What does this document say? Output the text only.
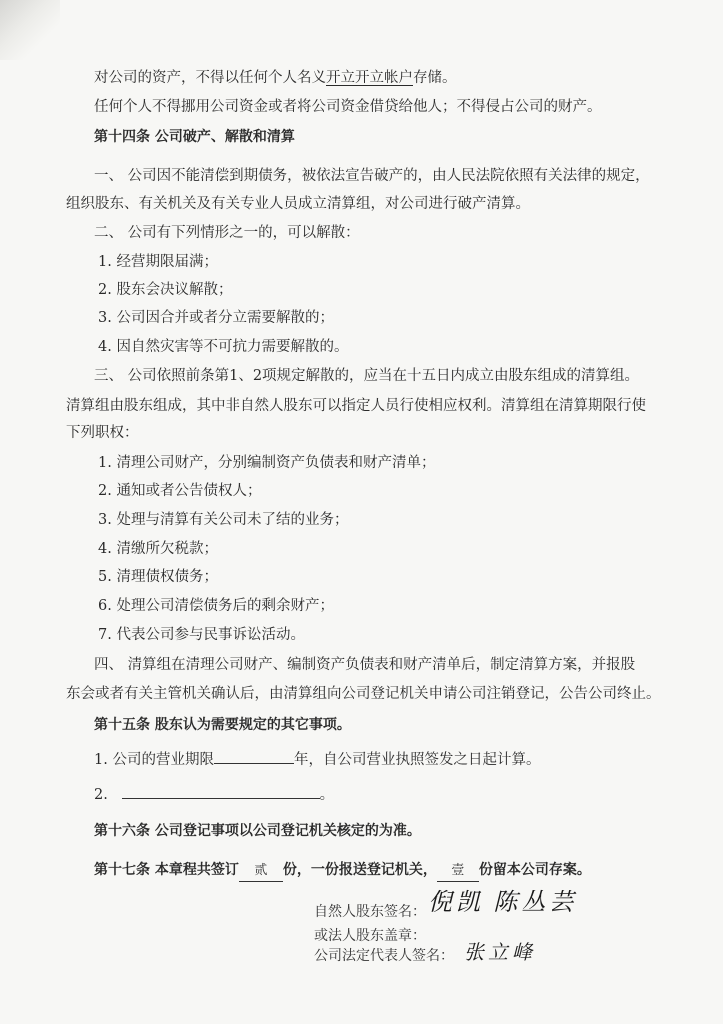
对公司的资产，不得以任何个人名义开立开立帐户存储。
任何个人不得挪用公司资金或者将公司资金借贷给他人；不得侵占公司的财产。
第十四条 公司破产、解散和清算
一、 公司因不能清偿到期债务，被依法宣告破产的，由人民法院依照有关法律的规定，
组织股东、有关机关及有关专业人员成立清算组，对公司进行破产清算。
二、 公司有下列情形之一的，可以解散：
1. 经营期限届满；
2. 股东会决议解散；
3. 公司因合并或者分立需要解散的；
4. 因自然灾害等不可抗力需要解散的。
三、 公司依照前条第1、2项规定解散的，应当在十五日内成立由股东组成的清算组。
清算组由股东组成，其中非自然人股东可以指定人员行使相应权利。清算组在清算期限行使
下列职权：
1. 清理公司财产，分别编制资产负债表和财产清单；
2. 通知或者公告债权人；
3. 处理与清算有关公司未了结的业务；
4. 清缴所欠税款；
5. 清理债权债务；
6. 处理公司清偿债务后的剩余财产；
7. 代表公司参与民事诉讼活动。
四、 清算组在清理公司财产、编制资产负债表和财产清单后，制定清算方案，并报股
东会或者有关主管机关确认后，由清算组向公司登记机关申请公司注销登记，公告公司终止。
第十五条 股东认为需要规定的其它事项。
1. 公司的营业期限	年，自公司营业执照签发之日起计算。
2.	。
第十六条 公司登记事项以公司登记机关核定的为准。
第十七条 本章程共签订 贰 份，一份报送登记机关， 壹 份留本公司存案。
自然人股东签名： 倪凯 陈丛芸
或法人股东盖章：
公司法定代表人签名： 张立峰
